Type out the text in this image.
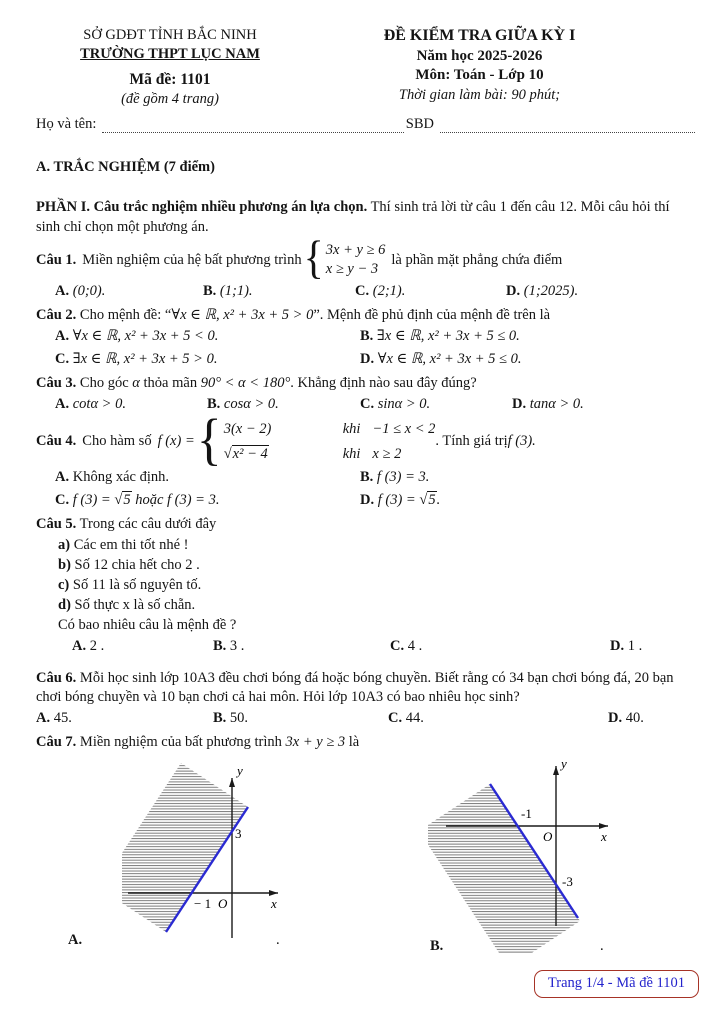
SỞ GDĐT TỈNH BẮC NINH
TRƯỜNG THPT LỤC NAM
Mã đề: 1101
(đề gồm 4 trang)
ĐỀ KIỂM TRA GIỮA KỲ I
Năm học 2025-2026
Môn: Toán - Lớp 10
Thời gian làm bài: 90 phút;
Họ và tên:	SBD
A. TRẮC NGHIỆM (7 điểm)
PHẦN I. Câu trắc nghiệm nhiều phương án lựa chọn. Thí sinh trả lời từ câu 1 đến câu 12. Mỗi câu hỏi thí sinh chỉ chọn một phương án.
Câu 1. Miền nghiệm của hệ bất phương trình { 3x + y ≥ 6
x ≥ y − 3
là phần mặt phẳng chứa điểm
A. (0;0).	B. (1;1).	C. (2;1).	D. (1;2025).
Câu 2. Cho mệnh đề: “∀x ∈ ℝ, x² + 3x + 5 > 0”. Mệnh đề phủ định của mệnh đề trên là
A. ∀x ∈ ℝ, x² + 3x + 5 < 0.	B. ∃x ∈ ℝ, x² + 3x + 5 ≤ 0.
C. ∃x ∈ ℝ, x² + 3x + 5 > 0.	D. ∀x ∈ ℝ, x² + 3x + 5 ≤ 0.
Câu 3. Cho góc α thỏa mãn 90° < α < 180°. Khẳng định nào sau đây đúng?
A. cotα > 0.	B. cosα > 0.	C. sinα > 0.	D. tanα > 0.
Câu 4. Cho hàm số f (x) = { 3(x − 2)	khi −1 ≤ x < 2
√x² − 4	khi x ≥ 2
. Tính giá trị f (3).
A. Không xác định.	B. f (3) = 3.
C. f (3) = √5 hoặc f (3) = 3.	D. f (3) = √5.
Câu 5. Trong các câu dưới đây
a) Các em thi tốt nhé !
b) Số 12 chia hết cho 2 .
c) Số 11 là số nguyên tố.
d) Số thực x là số chẵn.
Có bao nhiêu câu là mệnh đề ?
A. 2 .	B. 3 .	C. 4 .	D. 1 .
Câu 6. Mỗi học sinh lớp 10A3 đều chơi bóng đá hoặc bóng chuyền. Biết rằng có 34 bạn chơi bóng đá, 20 bạn chơi bóng chuyền và 10 bạn chơi cả hai môn. Hỏi lớp 10A3 có bao nhiêu học sinh?
A. 45.	B. 50.	C. 44.	D. 40.
Câu 7. Miền nghiệm của bất phương trình 3x + y ≥ 3 là
y
x
O
3
− 1
y
x
O
-1
-3
A.	.	B.	.
Trang 1/4 - Mã đề 1101
